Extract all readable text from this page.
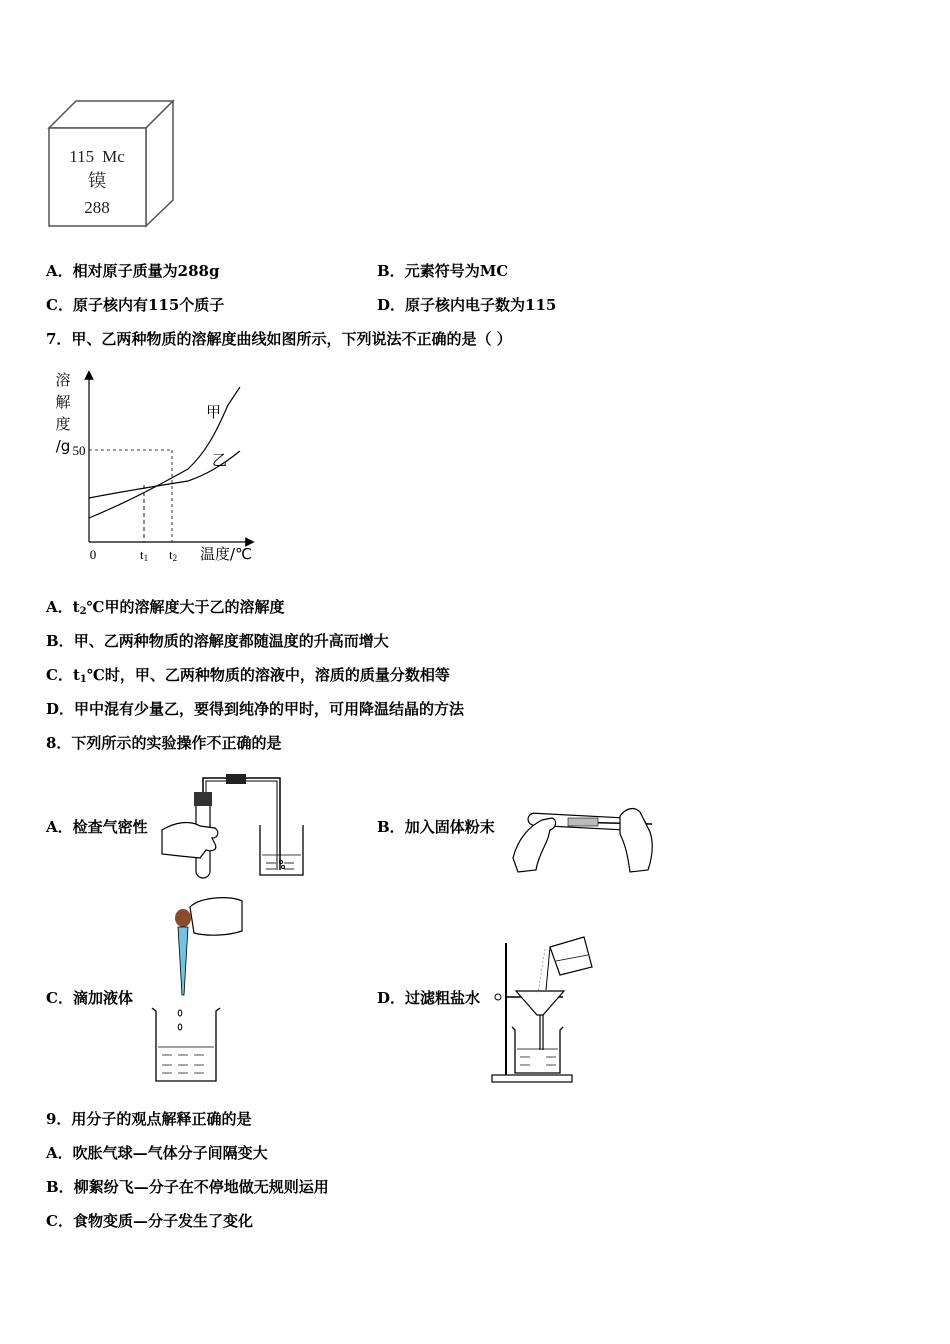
115 Mc
镆
288
A．相对原子质量为288g	B．元素符号为MC
C．原子核内有115个质子	D．原子核内电子数为115
7．甲、乙两种物质的溶解度曲线如图所示，下列说法不正确的是（ ）
溶
解
度
/g
0
50
温度/℃
甲
乙
t1 t2
A．$t_2℃$甲的溶解度大于乙的溶解度
B．甲、乙两种物质的溶解度都随温度的升高而增大
C．$t_1℃$时，甲、乙两种物质的溶液中，溶质的质量分数相等
D．甲中混有少量乙，要得到纯净的甲时，可用降温结晶的方法
8．下列所示的实验操作不正确的是
A．检查气密性	B．加入固体粉末
C．滴加液体	D．过滤粗盐水
9．用分子的观点解释正确的是
A．吹胀气球—气体分子间隔变大
B．柳絮纷飞—分子在不停地做无规则运用
C．食物变质—分子发生了变化
